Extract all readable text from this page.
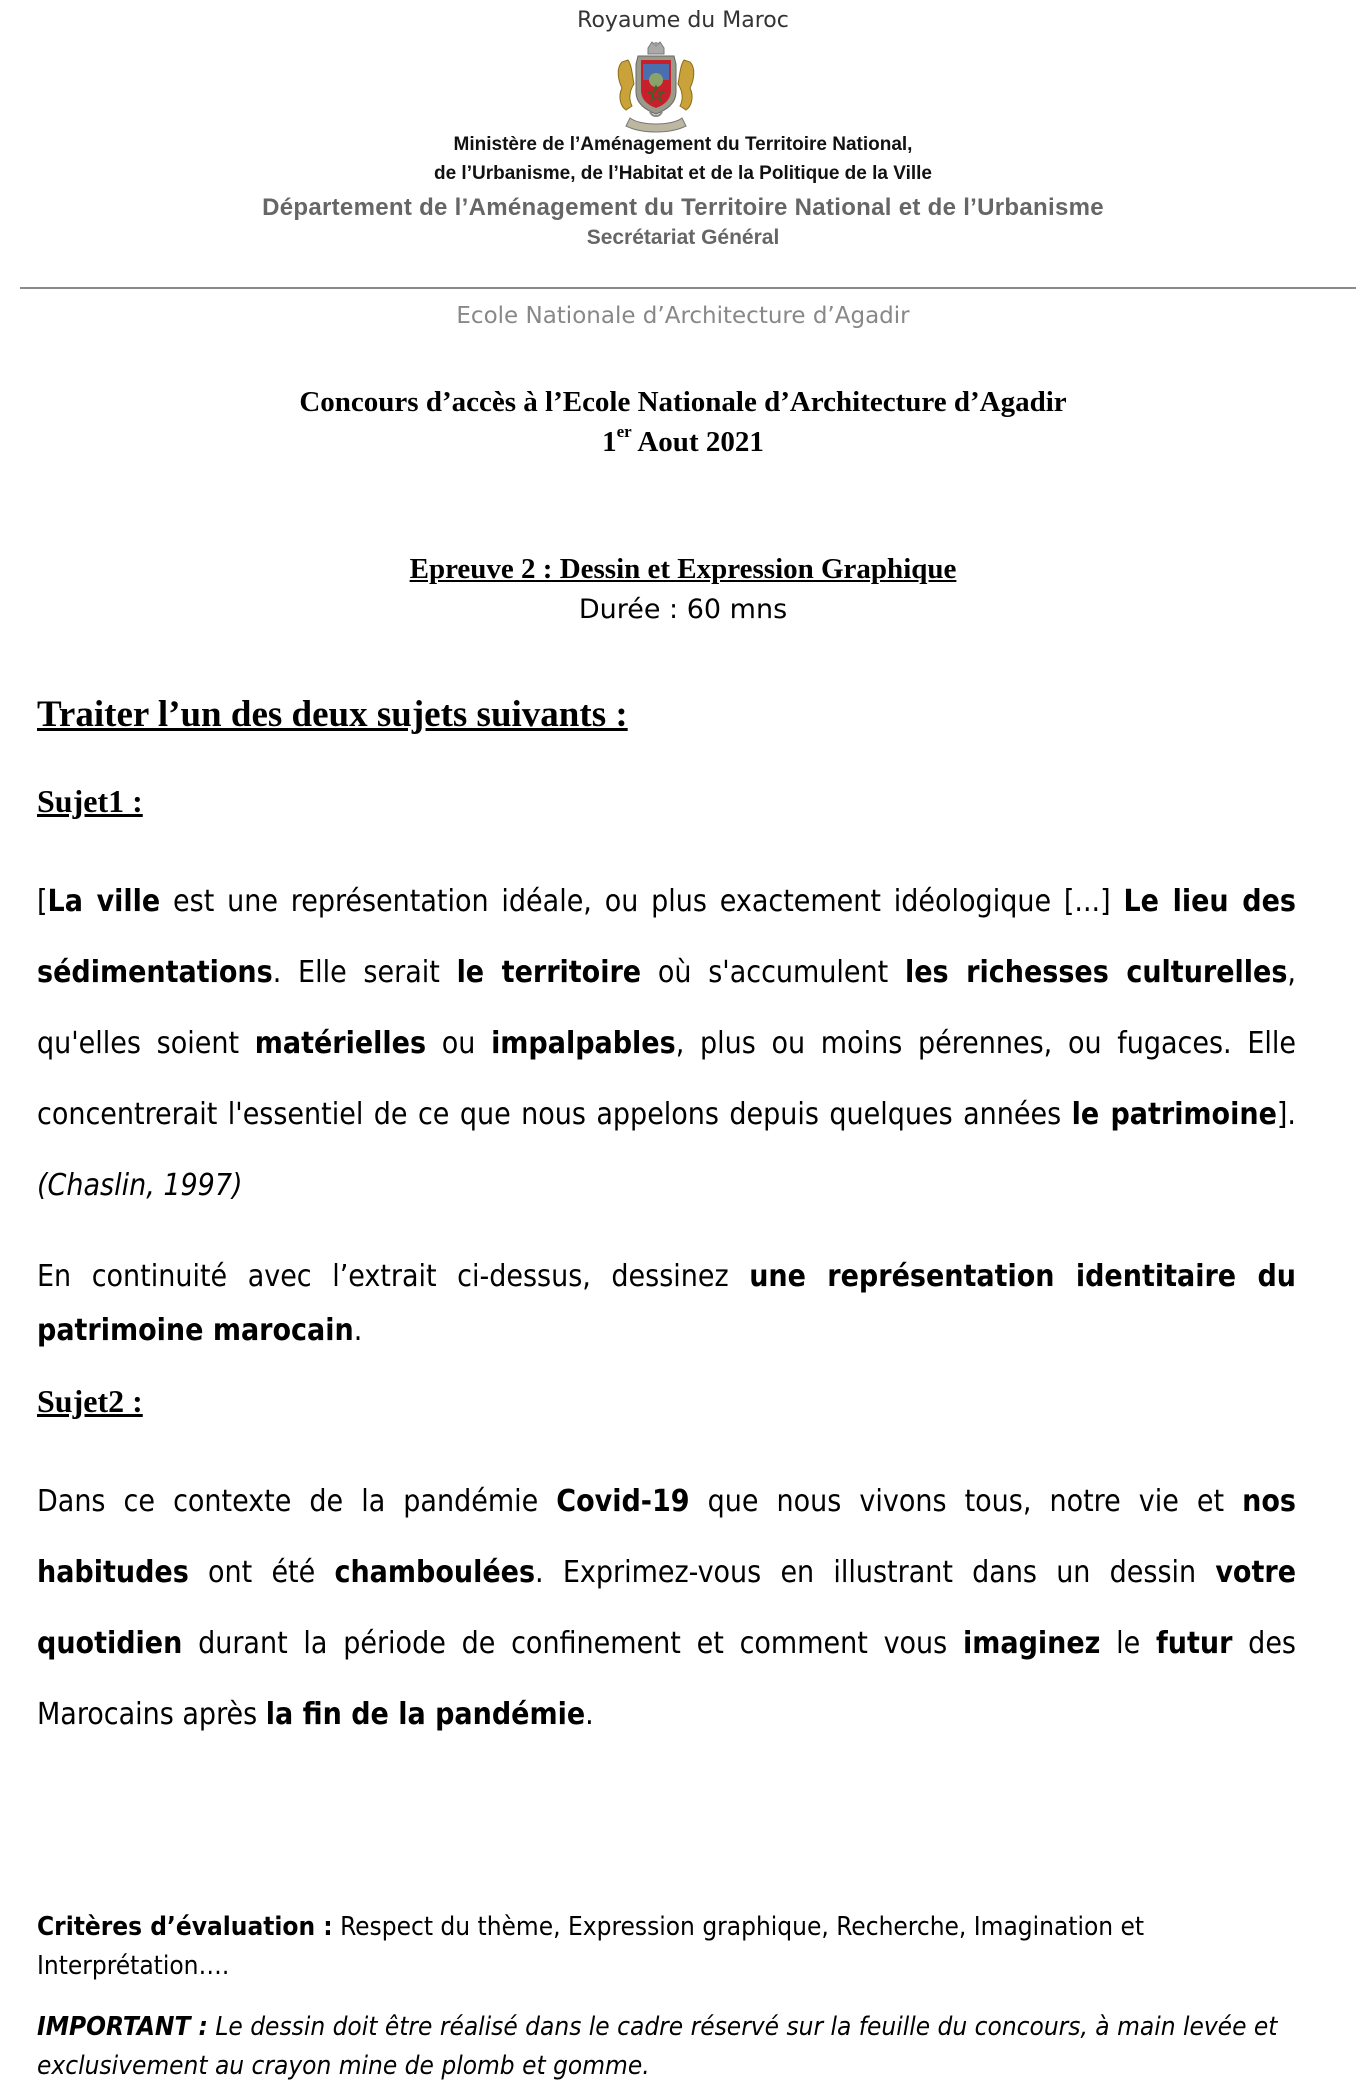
Royaume du Maroc
Ministère de l’Aménagement du Territoire National,
de l’Urbanisme, de l’Habitat et de la Politique de la Ville
Département de l’Aménagement du Territoire National et de l’Urbanisme
Secrétariat Général
Ecole Nationale d’Architecture d’Agadir
Concours d’accès à l’Ecole Nationale d’Architecture d’Agadir
1er Aout 2021
Epreuve 2 : Dessin et Expression Graphique
Durée : 60 mns
Traiter l’un des deux sujets suivants :
Sujet1 :
[La ville est une représentation idéale, ou plus exactement idéologique [...] Le lieu des sédimentations. Elle serait le territoire où s'accumulent les richesses culturelles, qu'elles soient matérielles ou impalpables, plus ou moins pérennes, ou fugaces. Elle concentrerait l'essentiel de ce que nous appelons depuis quelques années le patrimoine]. (Chaslin, 1997)
En continuité avec l’extrait ci-dessus, dessinez une représentation identitaire du patrimoine marocain.
Sujet2 :
Dans ce contexte de la pandémie Covid-19 que nous vivons tous, notre vie et nos habitudes ont été chamboulées. Exprimez-vous en illustrant dans un dessin votre quotidien durant la période de confinement et comment vous imaginez le futur des Marocains après la fin de la pandémie.
Critères d’évaluation : Respect du thème, Expression graphique, Recherche, Imagination et Interprétation….
IMPORTANT : Le dessin doit être réalisé dans le cadre réservé sur la feuille du concours, à main levée et exclusivement au crayon mine de plomb et gomme.
